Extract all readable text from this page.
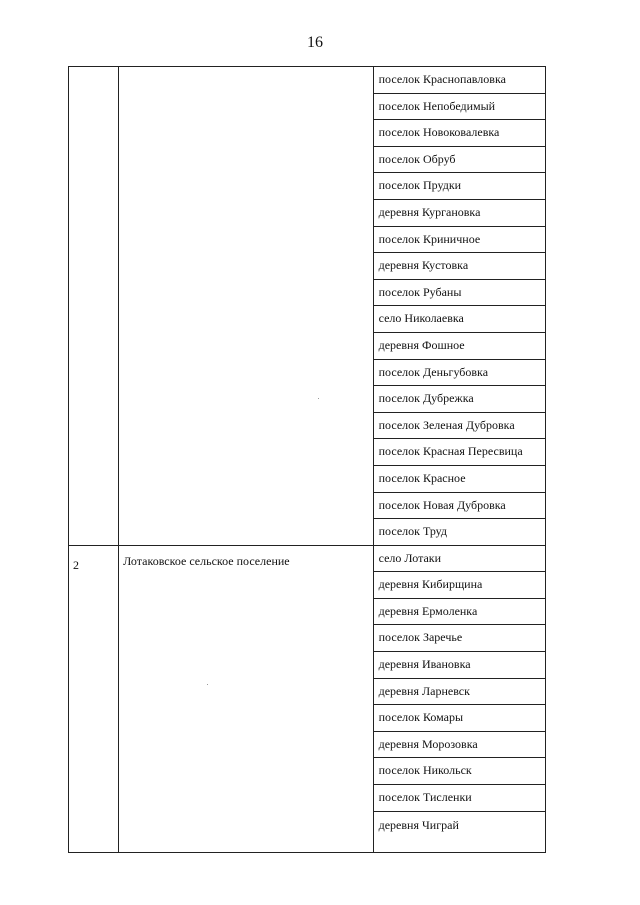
16
		поселок Краснопавловка
		поселок Непобедимый
		поселок Новоковалевка
		поселок Обруб
		поселок Прудки
		деревня Кургановка
		поселок Криничное
		деревня Кустовка
		поселок Рубаны
		село Николаевка
		деревня Фошное
		поселок Деньгубовка
		поселок Дубрежка
		поселок Зеленая Дубровка
		поселок Красная Пересвица
		поселок Красное
		поселок Новая Дубровка
		поселок Труд
2	Лотаковское сельское поселение	село Лотаки
		деревня Кибирщина
		деревня Ермоленка
		поселок Заречье
		деревня Ивановка
		деревня Ларневск
		поселок Комары
		деревня Морозовка
		поселок Никольск
		поселок Тисленки
		деревня Чиграй
